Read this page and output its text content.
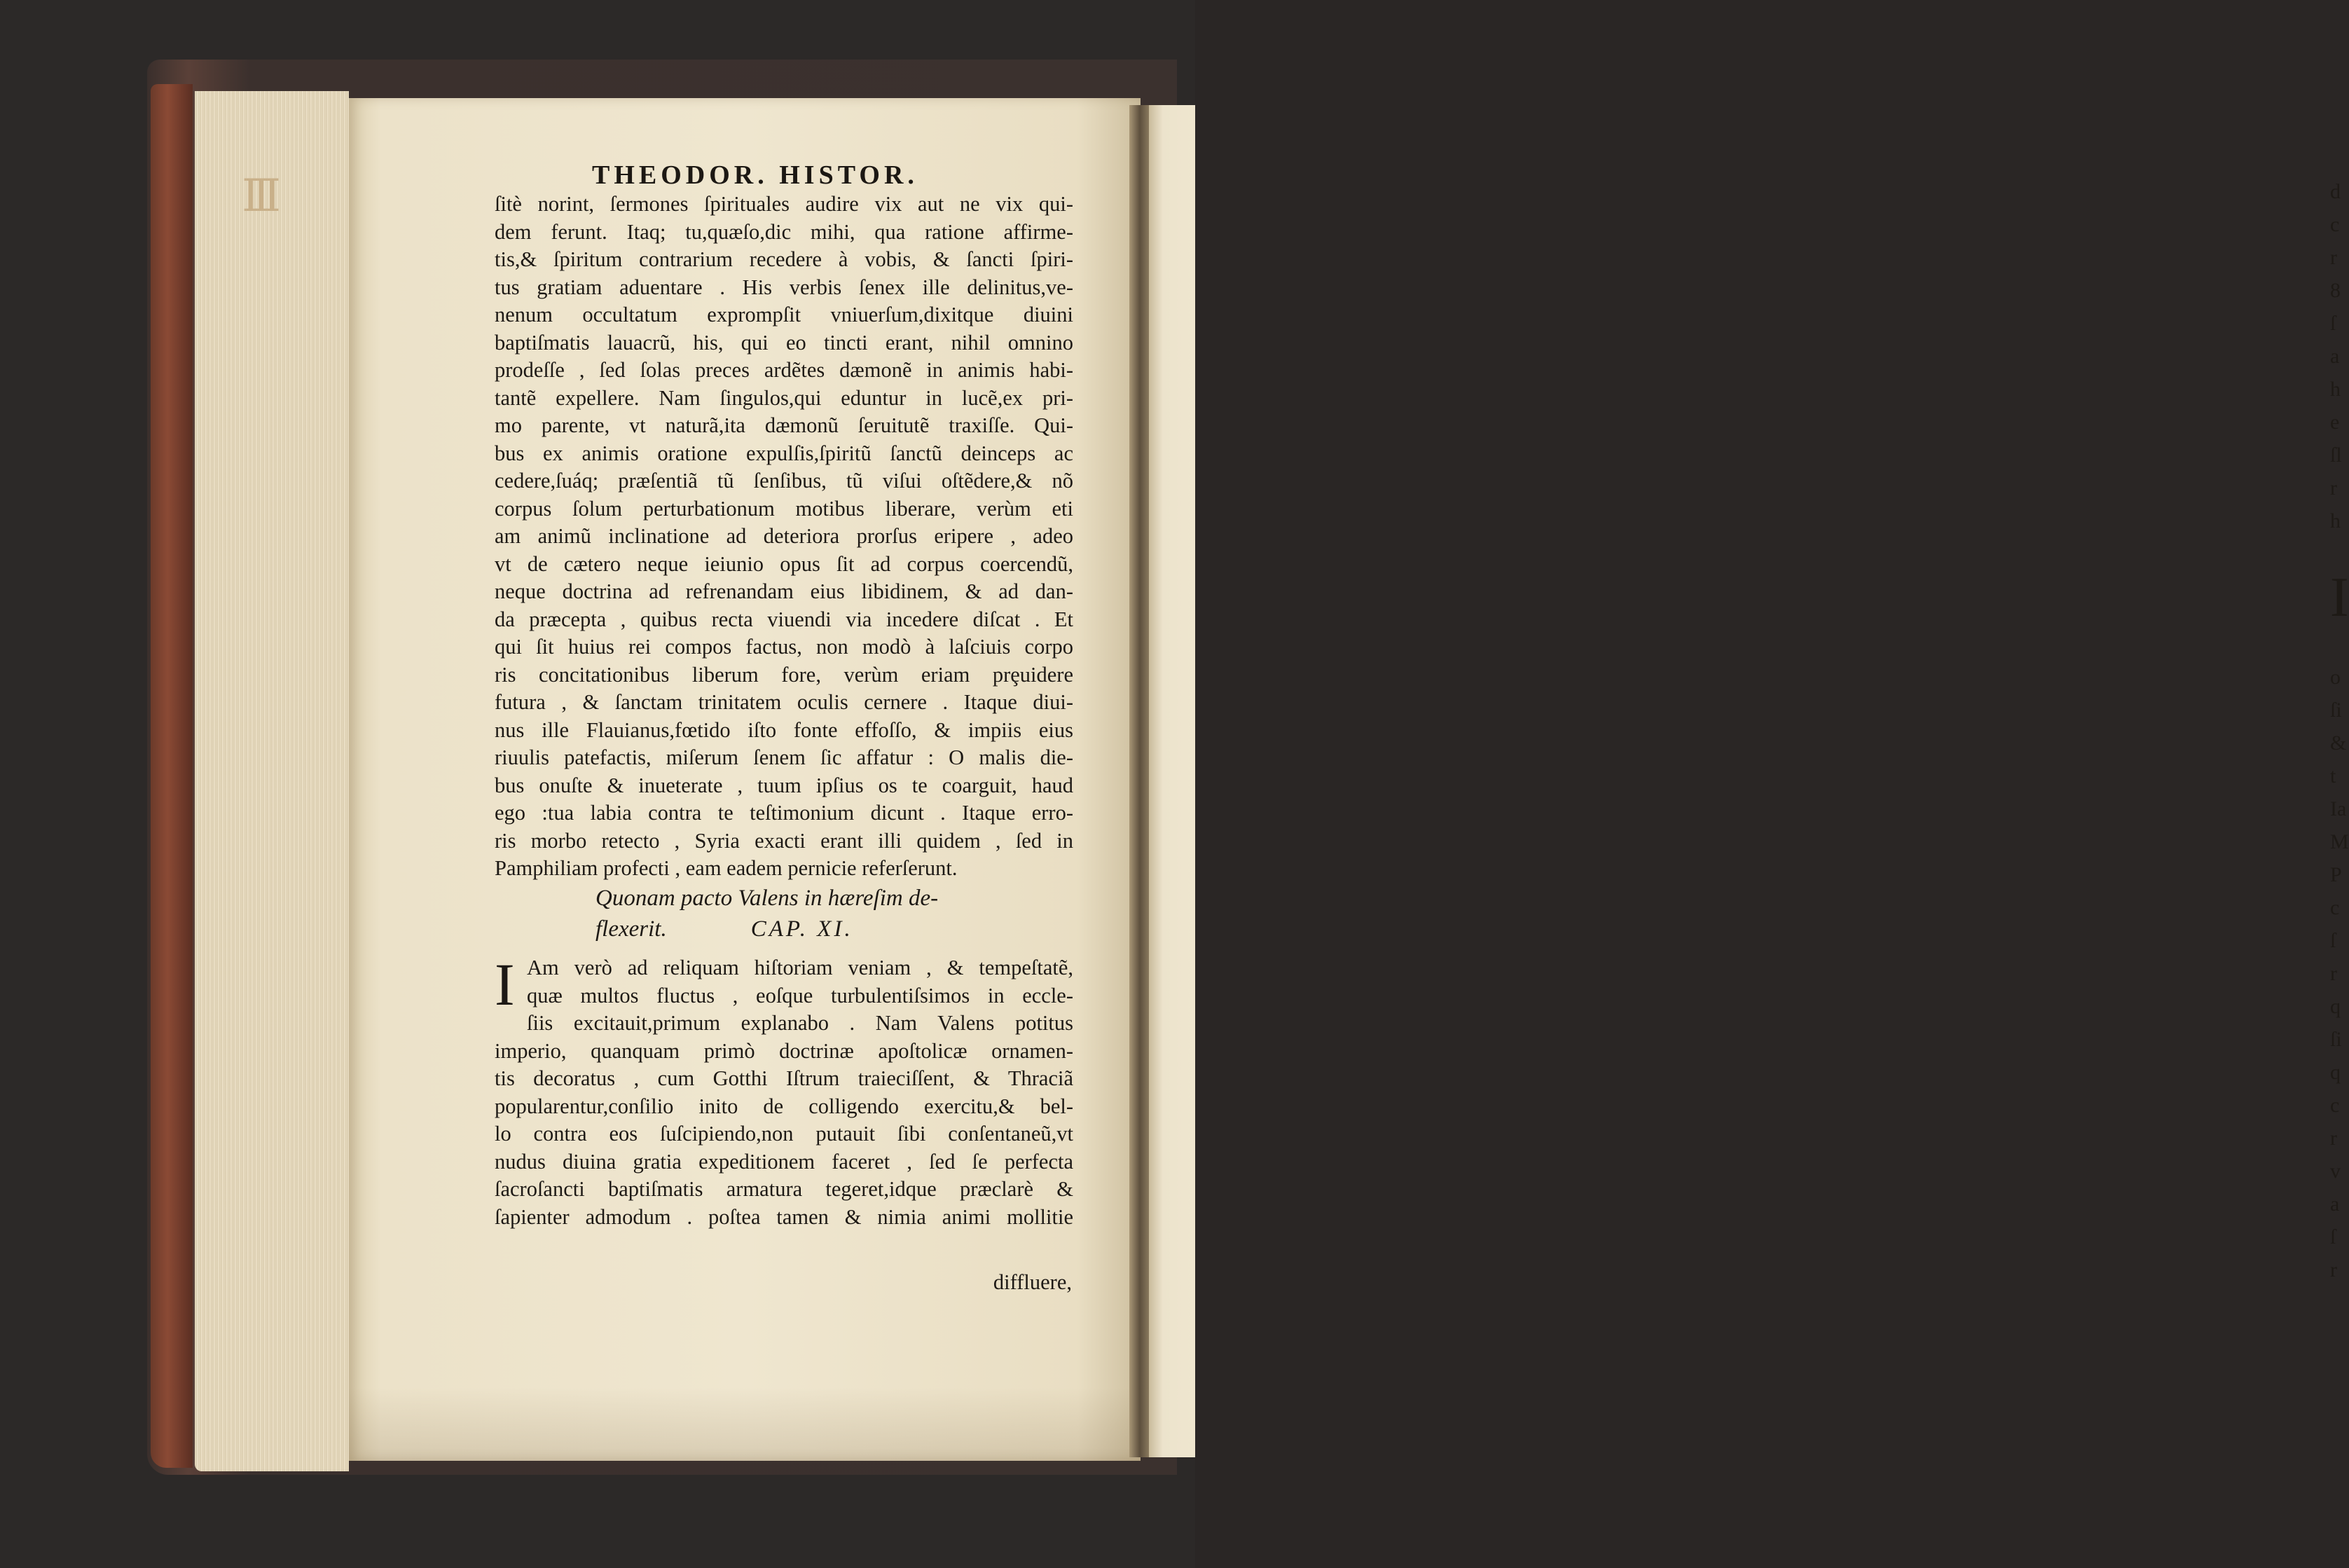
III	d
c
r
8
ſ
a
h
e
ſl
r
h
I
o
ſi
&
t
Ia
M
P
c
ſ
r
q
ſi
q
c
r
v
a
ſ
r
THEODOR. HISTOR.
ſitè norint, ſermones ſpirituales audire vix aut ne vix qui-
dem ferunt. Itaq; tu,quæſo,dic mihi, qua ratione affirme-
tis,& ſpiritum contrarium recedere à vobis, & ſancti ſpiri-
tus gratiam aduentare . His verbis ſenex ille delinitus,ve-
nenum occultatum exprompſit vniuerſum,dixitque diuini
baptiſmatis lauacrũ, his, qui eo tincti erant, nihil omnino
prodeſſe , ſed ſolas preces ardẽtes dæmonẽ in animis habi-
tantẽ expellere. Nam ſingulos,qui eduntur in lucẽ,ex pri-
mo parente, vt naturã,ita dæmonũ ſeruitutẽ traxiſſe. Qui-
bus ex animis oratione expulſis,ſpiritũ ſanctũ deinceps ac
cedere,ſuáq; præſentiã tũ ſenſibus, tũ viſui oſtẽdere,& nõ
corpus ſolum perturbationum motibus liberare, verùm eti
am animũ inclinatione ad deteriora prorſus eripere , adeo
vt de cætero neque ieiunio opus ſit ad corpus coercendũ,
neque doctrina ad refrenandam eius libidinem, & ad dan-
da præcepta , quibus recta viuendi via incedere diſcat . Et
qui ſit huius rei compos factus, non modò à laſciuis corpo
ris concitationibus liberum fore, verùm eriam prȩuidere
futura , & ſanctam trinitatem oculis cernere . Itaque diui-
nus ille Flauianus,fœtido iſto fonte effoſſo, & impiis eius
riuulis patefactis, miſerum ſenem ſic affatur : O malis die-
bus onuſte & inueterate , tuum ipſius os te coarguit, haud
ego :tua labia contra te teſtimonium dicunt . Itaque erro-
ris morbo retecto , Syria exacti erant illi quidem , ſed in
Pamphiliam profecti , eam eadem pernicie referſerunt.
Quonam pacto Valens in hæreſim de-
flexerit.	CAP. XI.
I Am verò ad reliquam hiſtoriam veniam , & tempeſtatẽ,
quæ multos fluctus , eoſque turbulentiſsimos in eccle-
ſiis excitauit,primum explanabo . Nam Valens potitus
imperio, quanquam primò doctrinæ apoſtolicæ ornamen-
tis decoratus , cum Gotthi Iſtrum traieciſſent, & Thraciã
popularentur,conſilio inito de colligendo exercitu,& bel-
lo contra eos ſuſcipiendo,non putauit ſibi conſentaneũ,vt
nudus diuina gratia expeditionem faceret , ſed ſe perfecta
ſacroſancti baptiſmatis armatura tegeret,idque præclarè &
ſapienter admodum . poſtea tamen & nimia animi mollitie
diffluere,
